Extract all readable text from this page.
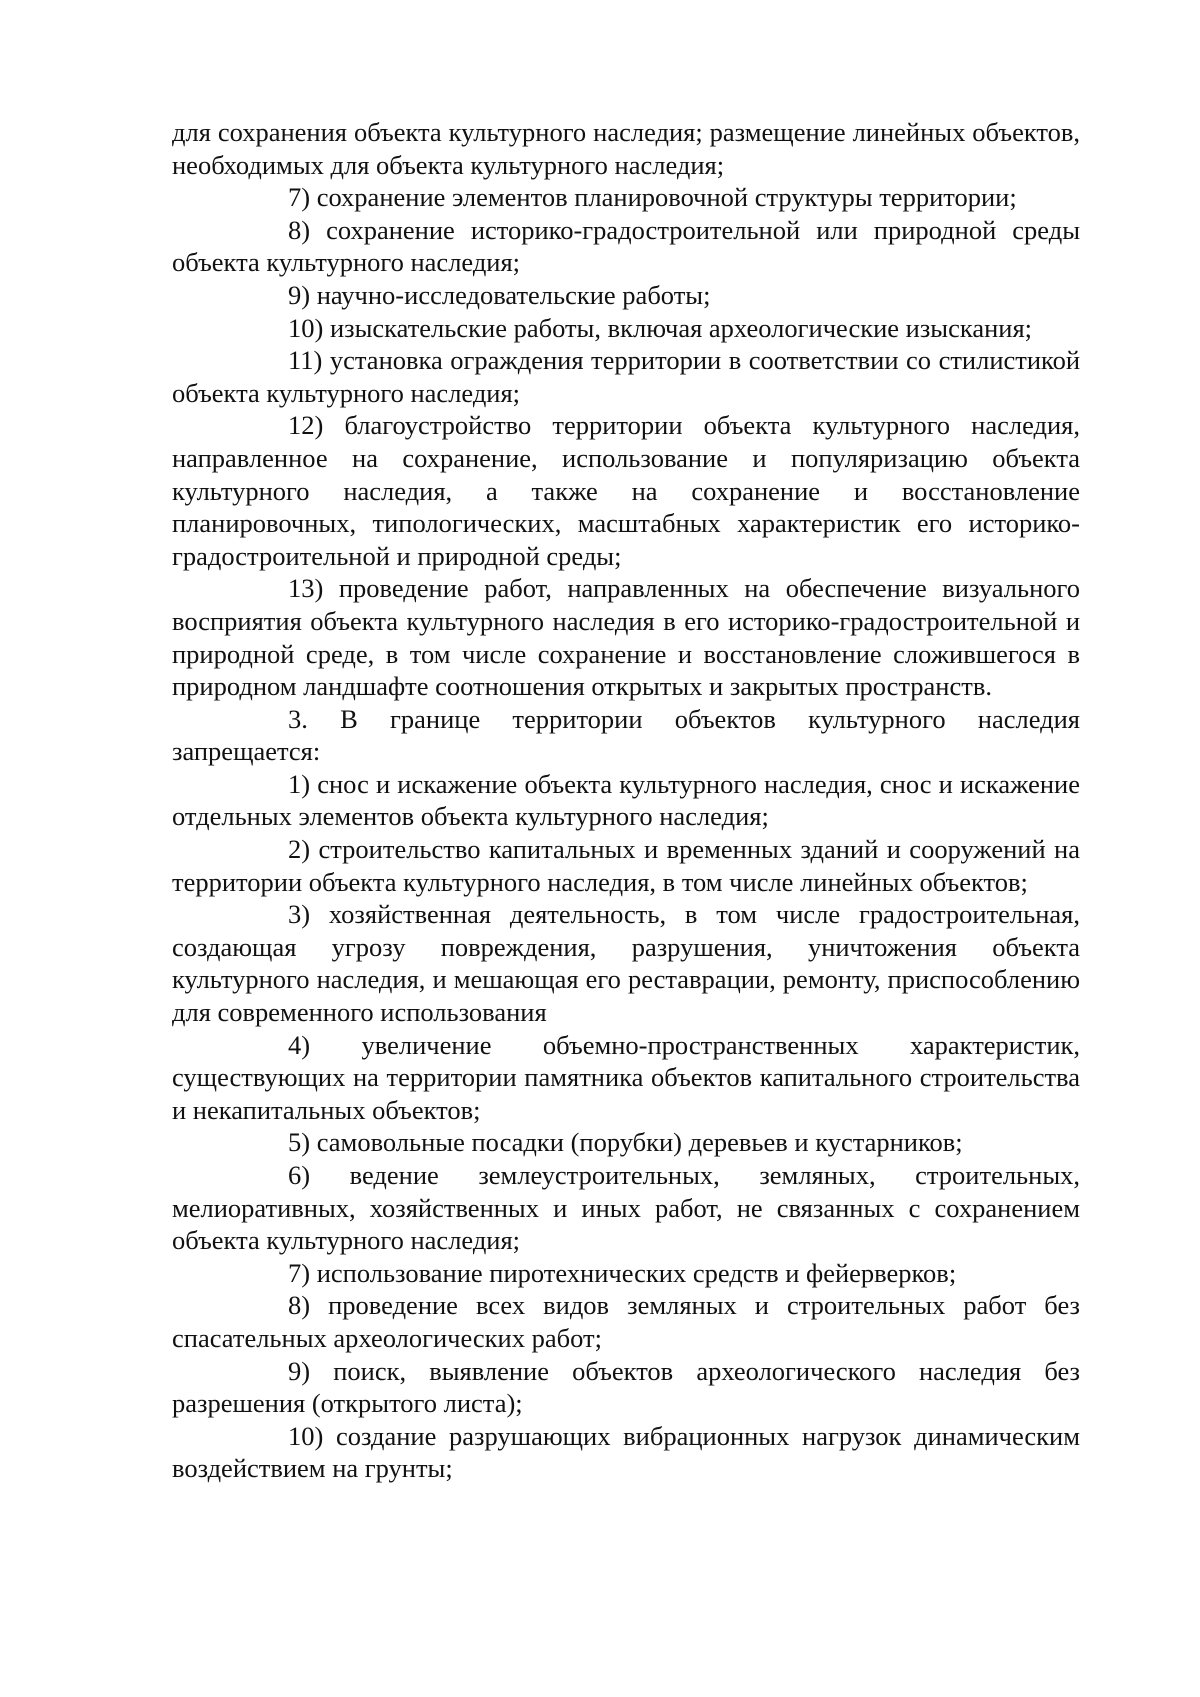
для сохранения объекта культурного наследия; размещение линейных объектов, необходимых для объекта культурного наследия;

7) сохранение элементов планировочной структуры территории;

8) сохранение историко-градостроительной или природной среды объекта культурного наследия;

9) научно-исследовательские работы;

10) изыскательские работы, включая археологические изыскания;

11) установка ограждения территории в соответствии со стилистикой объекта культурного наследия;

12) благоустройство территории объекта культурного наследия, направленное на сохранение, использование и популяризацию объекта культурного наследия, а также на сохранение и восстановление планировочных, типологических, масштабных характеристик его историко-градостроительной и природной среды;

13) проведение работ, направленных на обеспечение визуального восприятия объекта культурного наследия в его историко-градостроительной и природной среде, в том числе сохранение и восстановление сложившегося в природном ландшафте соотношения открытых и закрытых пространств.

3. В границе территории объектов культурного наследия запрещается:

1) снос и искажение объекта культурного наследия, снос и искажение отдельных элементов объекта культурного наследия;

2) строительство капитальных и временных зданий и сооружений на территории объекта культурного наследия, в том числе линейных объектов;

3) хозяйственная деятельность, в том числе градостроительная, создающая угрозу повреждения, разрушения, уничтожения объекта культурного наследия, и мешающая его реставрации, ремонту, приспособлению для современного использования

4) увеличение объемно-пространственных характеристик, существующих на территории памятника объектов капитального строительства и некапитальных объектов;

5) самовольные посадки (порубки) деревьев и кустарников;

6) ведение землеустроительных, земляных, строительных, мелиоративных, хозяйственных и иных работ, не связанных с сохранением объекта культурного наследия;

7) использование пиротехнических средств и фейерверков;

8) проведение всех видов земляных и строительных работ без спасательных археологических работ;

9) поиск, выявление объектов археологического наследия без разрешения (открытого листа);

10) создание разрушающих вибрационных нагрузок динамическим воздействием на грунты;
